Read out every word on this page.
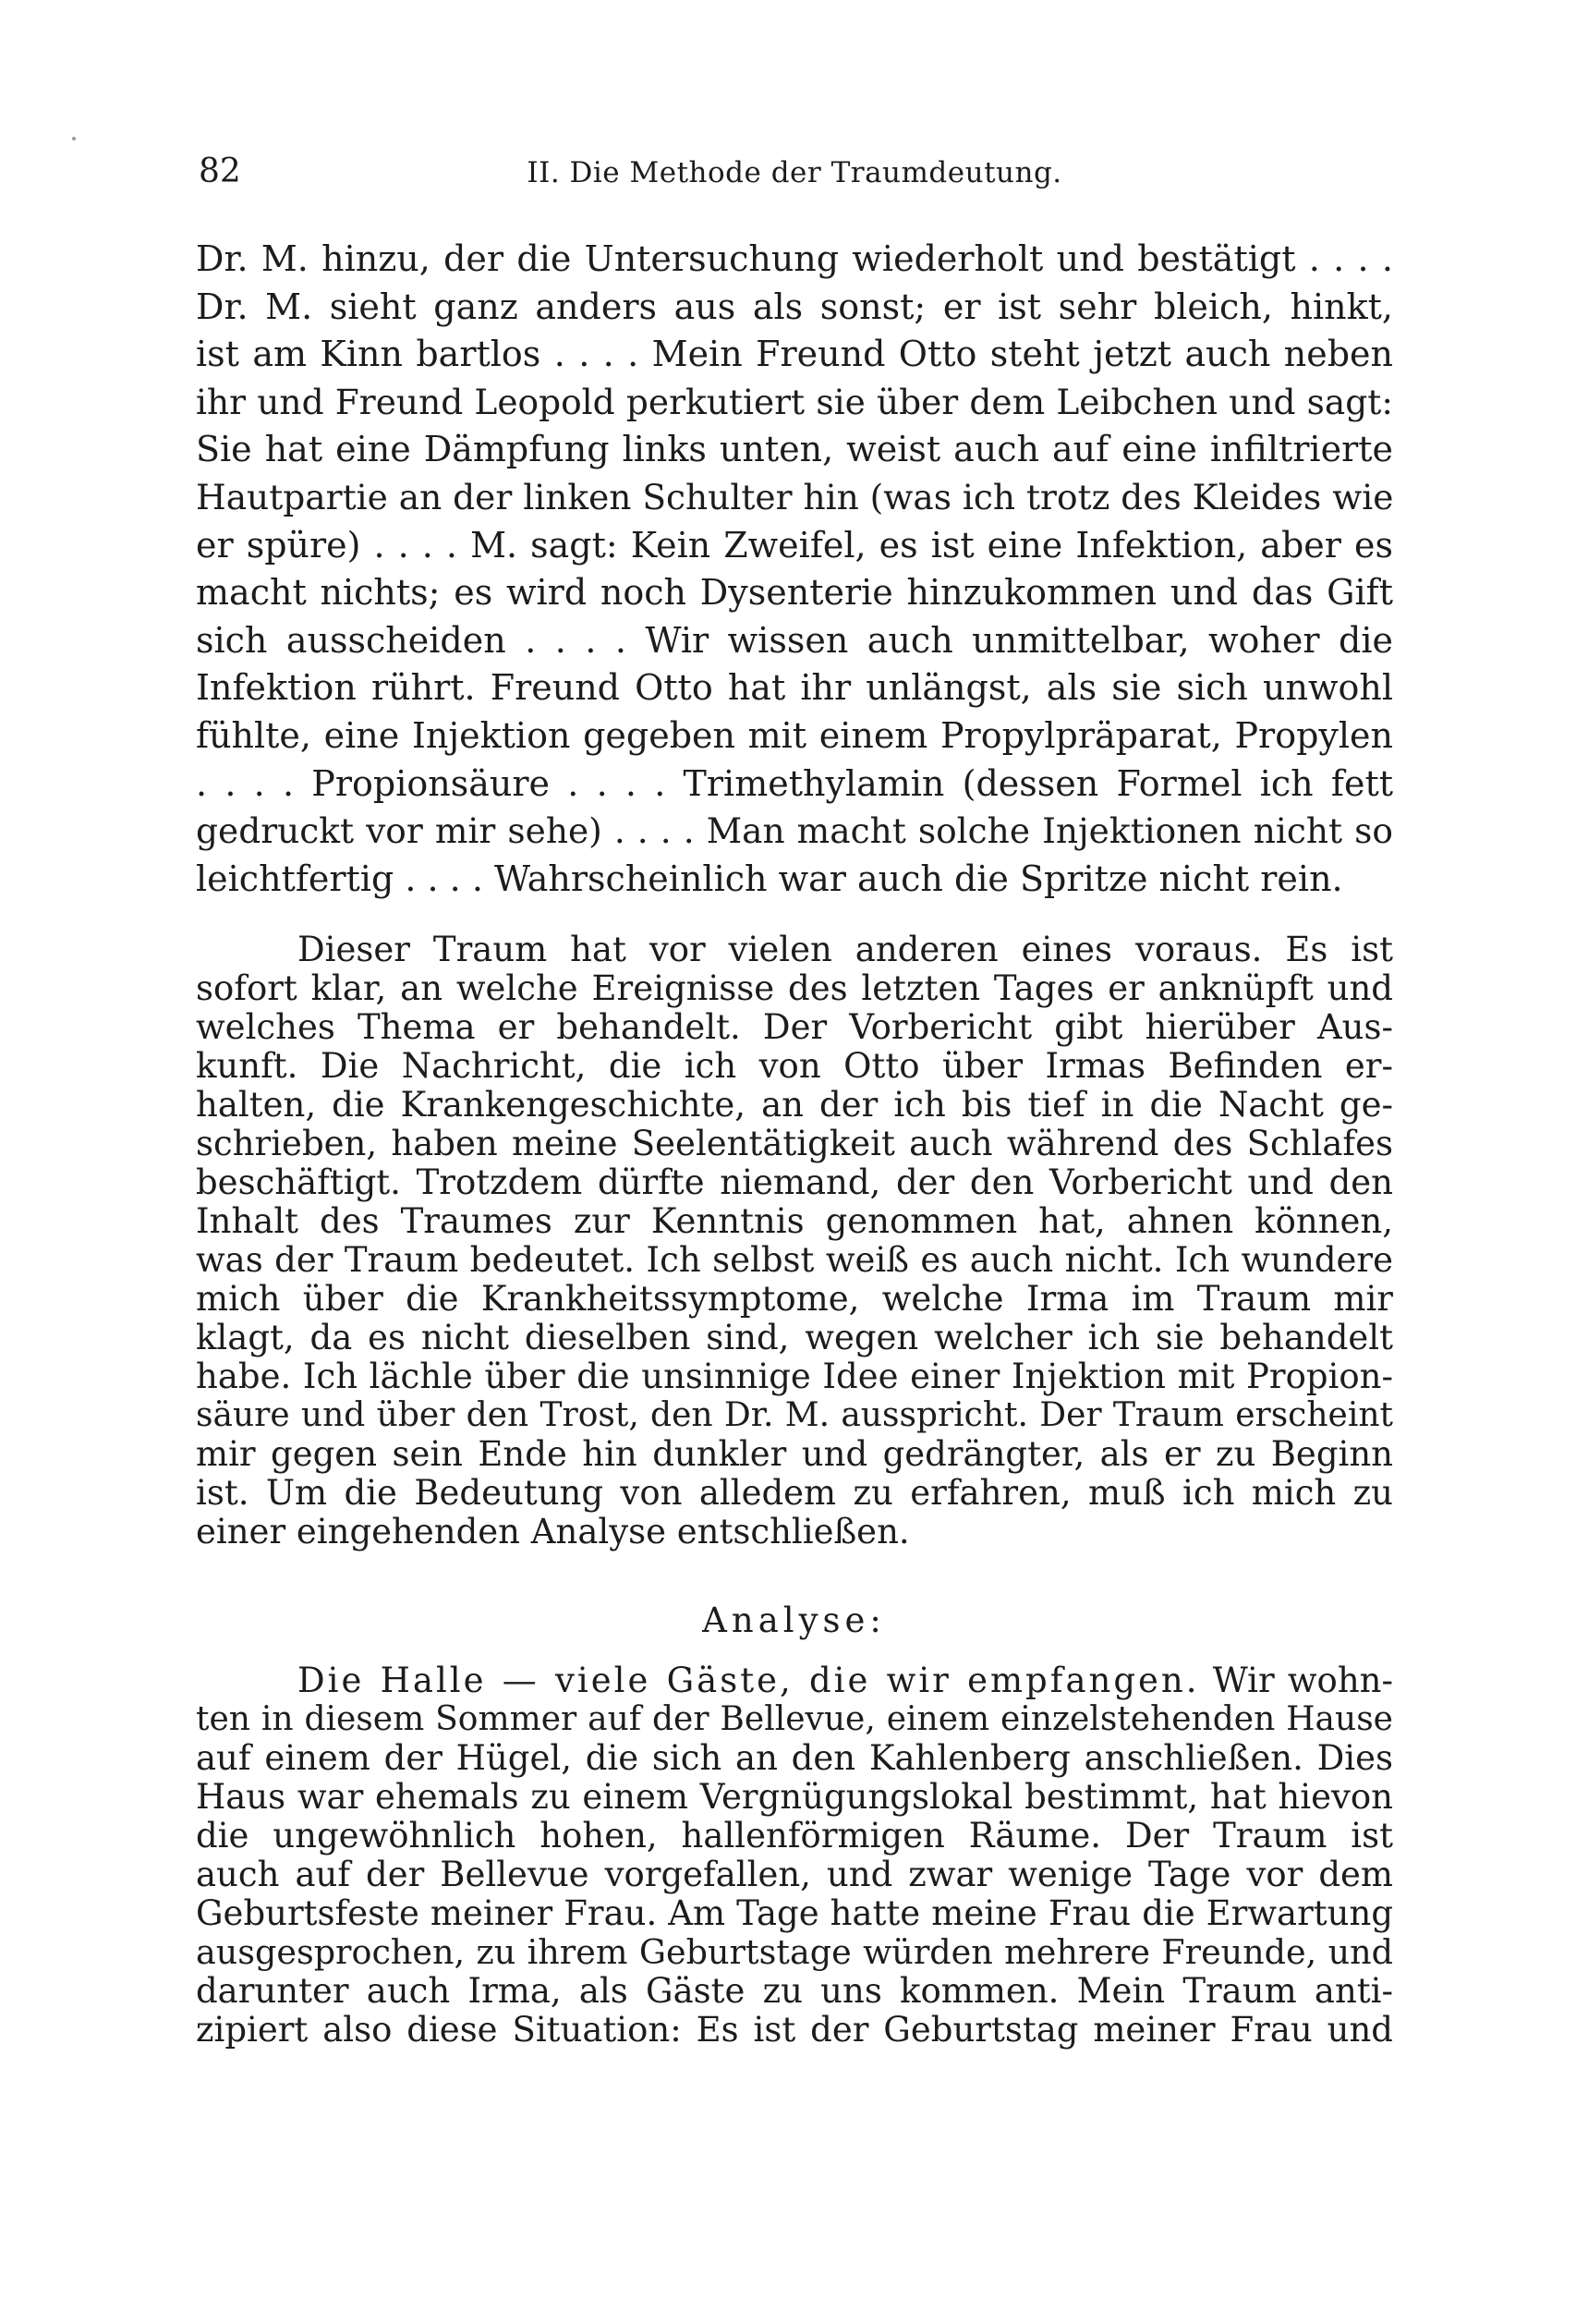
82	II. Die Methode der Traumdeutung.
Dr. M. hinzu, der die Untersuchung wiederholt und bestätigt . . . .
Dr. M. sieht ganz anders aus als sonst; er ist sehr bleich, hinkt,
ist am Kinn bartlos . . . . Mein Freund Otto steht jetzt auch neben
ihr und Freund Leopold perkutiert sie über dem Leibchen und sagt:
Sie hat eine Dämpfung links unten, weist auch auf eine infiltrierte
Hautpartie an der linken Schulter hin (was ich trotz des Kleides wie
er spüre) . . . . M. sagt: Kein Zweifel, es ist eine Infektion, aber es
macht nichts; es wird noch Dysenterie hinzukommen und das Gift
sich ausscheiden . . . . Wir wissen auch unmittelbar, woher die
Infektion rührt. Freund Otto hat ihr unlängst, als sie sich unwohl
fühlte, eine Injektion gegeben mit einem Propylpräparat, Propylen
. . . . Propionsäure . . . . Trimethylamin (dessen Formel ich fett
gedruckt vor mir sehe) . . . . Man macht solche Injektionen nicht so
leichtfertig . . . . Wahrscheinlich war auch die Spritze nicht rein.
Dieser Traum hat vor vielen anderen eines voraus. Es ist
sofort klar, an welche Ereignisse des letzten Tages er anknüpft und
welches Thema er behandelt. Der Vorbericht gibt hierüber Aus-
kunft. Die Nachricht, die ich von Otto über Irmas Befinden er-
halten, die Krankengeschichte, an der ich bis tief in die Nacht ge-
schrieben, haben meine Seelentätigkeit auch während des Schlafes
beschäftigt. Trotzdem dürfte niemand, der den Vorbericht und den
Inhalt des Traumes zur Kenntnis genommen hat, ahnen können,
was der Traum bedeutet. Ich selbst weiß es auch nicht. Ich wundere
mich über die Krankheitssymptome, welche Irma im Traum mir
klagt, da es nicht dieselben sind, wegen welcher ich sie behandelt
habe. Ich lächle über die unsinnige Idee einer Injektion mit Propion-
säure und über den Trost, den Dr. M. ausspricht. Der Traum erscheint
mir gegen sein Ende hin dunkler und gedrängter, als er zu Beginn
ist. Um die Bedeutung von alledem zu erfahren, muß ich mich zu
einer eingehenden Analyse entschließen.
Analyse:
Die Halle — viele Gäste, die wir empfangen. Wir wohn-
ten in diesem Sommer auf der Bellevue, einem einzelstehenden Hause
auf einem der Hügel, die sich an den Kahlenberg anschließen. Dies
Haus war ehemals zu einem Vergnügungslokal bestimmt, hat hievon
die ungewöhnlich hohen, hallenförmigen Räume. Der Traum ist
auch auf der Bellevue vorgefallen, und zwar wenige Tage vor dem
Geburtsfeste meiner Frau. Am Tage hatte meine Frau die Erwartung
ausgesprochen, zu ihrem Geburtstage würden mehrere Freunde, und
darunter auch Irma, als Gäste zu uns kommen. Mein Traum anti-
zipiert also diese Situation: Es ist der Geburtstag meiner Frau und
